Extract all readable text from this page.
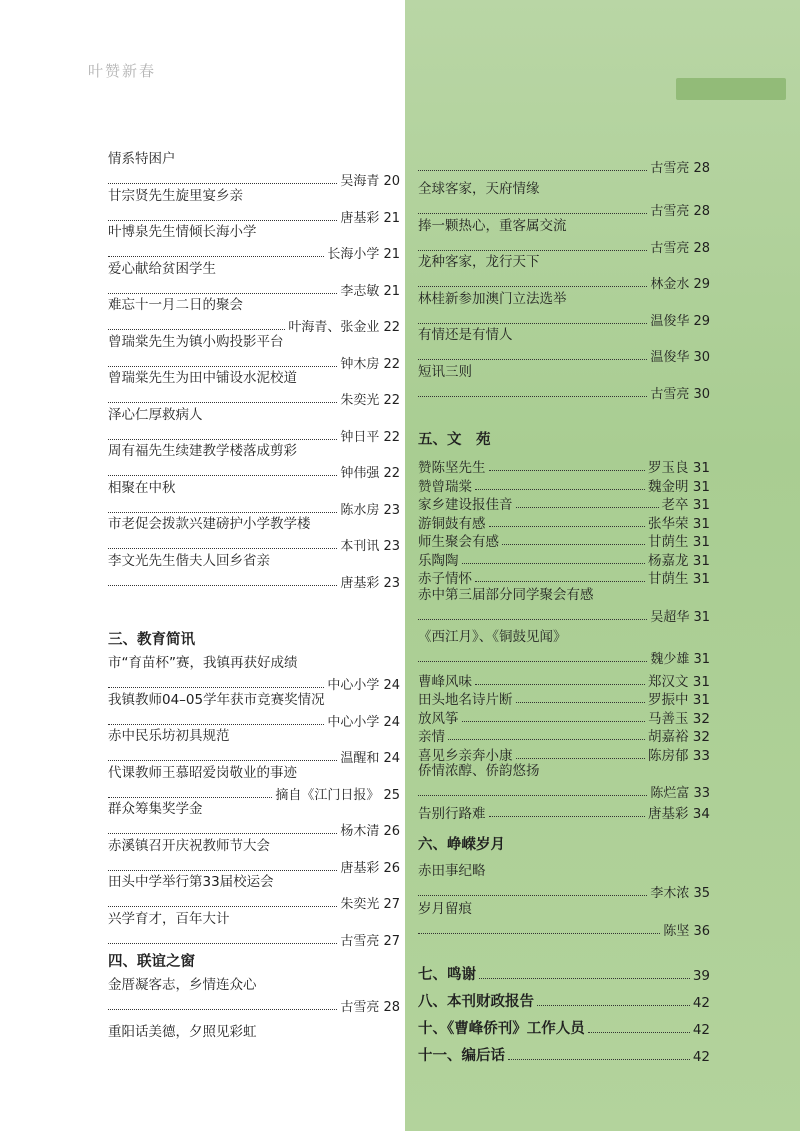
叶赞新春
情系特困户
吴海青 20
甘宗贤先生旋里宴乡亲
唐基彩 21
叶博泉先生情倾长海小学
长海小学 21
爱心献给贫困学生
李志敏 21
难忘十一月二日的聚会
叶海青、张金业 22
曾瑞棠先生为镇小购投影平台
钟木房 22
曾瑞棠先生为田中铺设水泥校道
朱奕光 22
泽心仁厚救病人
钟日平 22
周有福先生续建教学楼落成剪彩
钟伟强 22
相聚在中秋
陈水房 23
市老促会拨款兴建磅护小学教学楼
本刊讯 23
李文光先生偕夫人回乡省亲
唐基彩 23
三、教育简讯
市“育苗杯”赛，我镇再获好成绩
中心小学 24
我镇教师04–05学年获市竞赛奖情况
中心小学 24
赤中民乐坊初具规范
温醒和 24
代课教师王慕昭爱岗敬业的事迹
摘自《江门日报》 25
群众筹集奖学金
杨木清 26
赤溪镇召开庆祝教师节大会
唐基彩 26
田头中学举行第33届校运会
朱奕光 27
兴学育才，百年大计
古雪亮 27
四、联谊之窗
金厝凝客志，乡情连众心
古雪亮 28
重阳话美德，夕照见彩虹
古雪亮 28
全球客家，天府情缘
古雪亮 28
捧一颗热心，重客属交流
古雪亮 28
龙种客家，龙行天下
林金水 29
林桂新参加澳门立法选举
温俊华 29
有情还是有情人
温俊华 30
短讯三则
古雪亮 30
五、文　苑
赞陈坚先生	罗玉良 31
赞曾瑞棠	魏金明 31
家乡建设报佳音	老卒 31
游铜鼓有感	张华荣 31
师生聚会有感	甘荫生 31
乐陶陶	杨嘉龙 31
赤子情怀	甘荫生 31
赤中第三届部分同学聚会有感
吴超华 31
《西江月》、《铜鼓见闻》
魏少雄 31
曹峰风味	郑汉文 31
田头地名诗片断	罗振中 31
放风筝	马善玉 32
亲情	胡嘉裕 32
喜见乡亲奔小康	陈房郁 33
侨情浓醇、侨韵悠扬
陈烂富 33
告别行路难	唐基彩 34
六、峥嵘岁月
赤田事纪略
李木浓 35
岁月留痕
陈坚 36
七、鸣谢	39
八、本刊财政报告	42
十、《曹峰侨刊》工作人员	42
十一、编后话	42
